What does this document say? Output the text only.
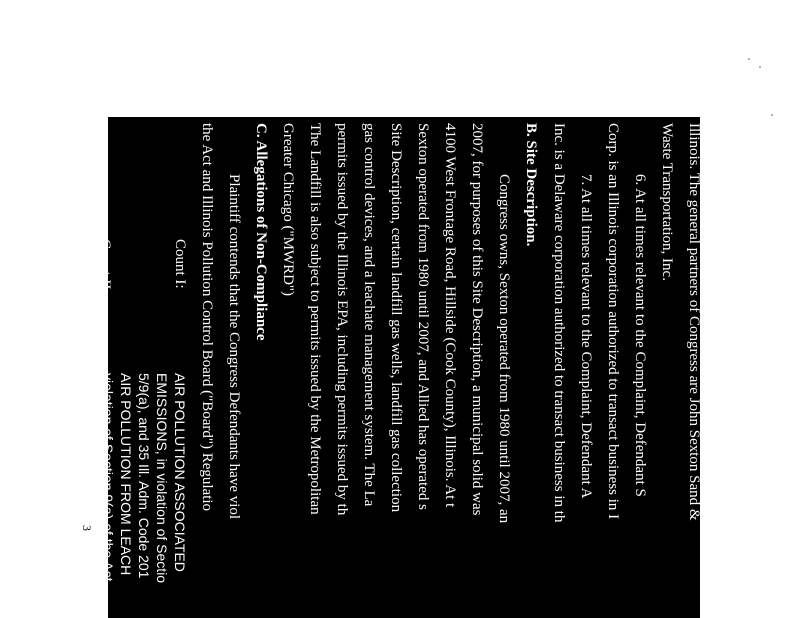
Illinois. The general partners of Congress are John Sexton Sand &
Waste Transportation, Inc.
6. At all times relevant to the Complaint, Defendant S
Corp. is an Illinois corporation authorized to transact business in I
7. At all times relevant to the Complaint, Defendant A
Inc. is a Delaware corporation authorized to transact business in th
B. Site Description.
Congress owns, Sexton operated from 1980 until 2007, an
2007, for purposes of this Site Description, a municipal solid was
4100 West Frontage Road, Hillside (Cook County), Illinois. At t
Sexton operated from 1980 until 2007, and Allied has operated s
Site Description, certain landfill gas wells, landfill gas collection
gas control devices, and a leachate management system. The La
permits issued by the Illinois EPA, including permits issued by th
The Landfill is also subject to permits issued by the Metropolitan
Greater Chicago ("MWRD")
C. Allegations of Non-Compliance
Plaintiff contends that the Congress Defendants have viol
the Act and Illinois Pollution Control Board ("Board") Regulatio
Count I:
AIR POLLUTION ASSOCIATED
EMISSIONS, in violation of Sectio
5/9(a), and 35 Ill. Adm. Code 201
Count II:
AIR POLLUTION FROM LEACH
violation of Section 9(a) of the Act
Adm. Code 201.141.
3
